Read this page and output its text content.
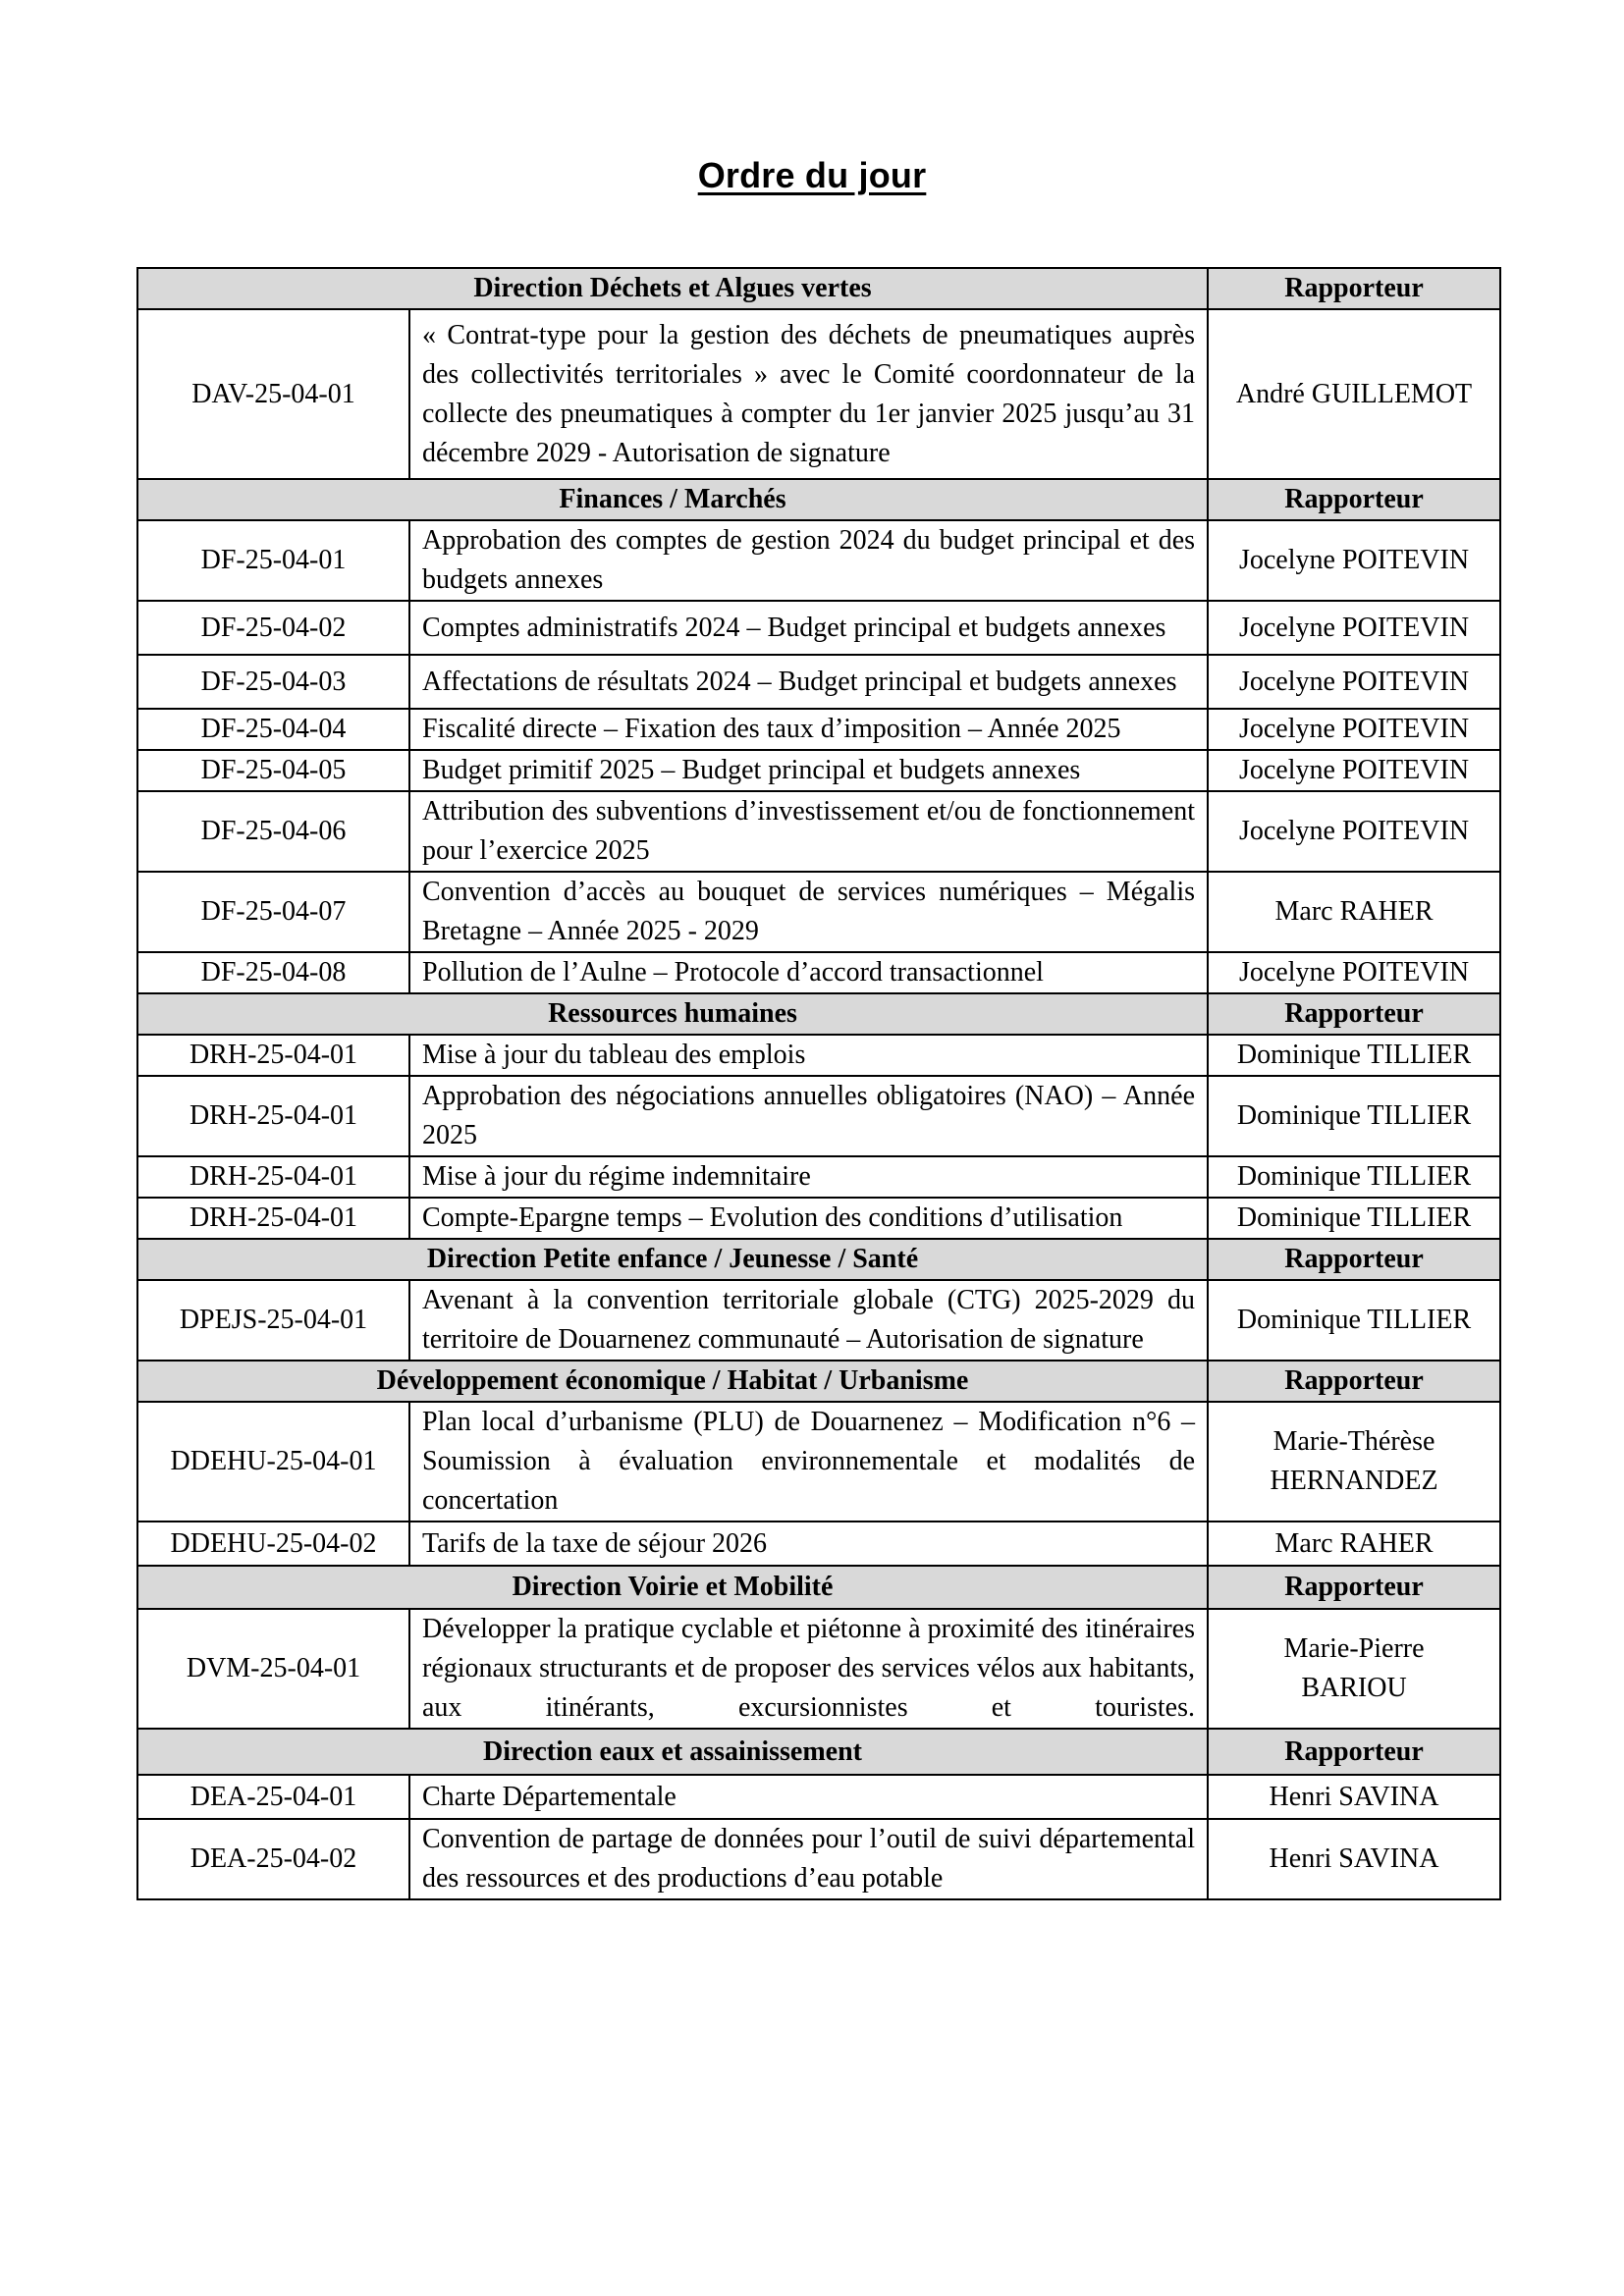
Ordre du jour
Direction Déchets et Algues vertes		Rapporteur
DAV-25-04-01	« Contrat-type pour la gestion des déchets de pneumatiques auprès des collectivités territoriales » avec le Comité coordonnateur de la collecte des pneumatiques à compter du 1er janvier 2025 jusqu’au 31 décembre 2029 - Autorisation de signature	André GUILLEMOT

Finances / Marchés		Rapporteur
DF-25-04-01	Approbation des comptes de gestion 2024 du budget principal et des budgets annexes	Jocelyne POITEVIN

DF-25-04-02	Comptes administratifs 2024 – Budget principal et budgets annexes	Jocelyne POITEVIN

DF-25-04-03	Affectations de résultats 2024 – Budget principal et budgets annexes	Jocelyne POITEVIN

DF-25-04-04	Fiscalité directe – Fixation des taux d’imposition – Année 2025	Jocelyne POITEVIN

DF-25-04-05	Budget primitif 2025 – Budget principal et budgets annexes	Jocelyne POITEVIN

DF-25-04-06	Attribution des subventions d’investissement et/ou de fonctionnement pour l’exercice 2025	Jocelyne POITEVIN

DF-25-04-07	Convention d’accès au bouquet de services numériques – Mégalis Bretagne – Année 2025 - 2029	Marc RAHER

DF-25-04-08	Pollution de l’Aulne – Protocole d’accord transactionnel	Jocelyne POITEVIN

Ressources humaines		Rapporteur
DRH-25-04-01	Mise à jour du tableau des emplois	Dominique TILLIER

DRH-25-04-01	Approbation des négociations annuelles obligatoires (NAO) – Année 2025	Dominique TILLIER

DRH-25-04-01	Mise à jour du régime indemnitaire	Dominique TILLIER

DRH-25-04-01	Compte-Epargne temps – Evolution des conditions d’utilisation	Dominique TILLIER

Direction Petite enfance / Jeunesse / Santé		Rapporteur
DPEJS-25-04-01	Avenant à la convention territoriale globale (CTG) 2025-2029 du territoire de Douarnenez communauté – Autorisation de signature	Dominique TILLIER

Développement économique / Habitat / Urbanisme		Rapporteur
DDEHU-25-04-01	Plan local d’urbanisme (PLU) de Douarnenez – Modification n°6 – Soumission à évaluation environnementale et modalités de concertation	Marie-Thérèse
HERNANDEZ

DDEHU-25-04-02	Tarifs de la taxe de séjour 2026	Marc RAHER

Direction Voirie et Mobilité		Rapporteur
DVM-25-04-01	Développer la pratique cyclable et piétonne à proximité des itinéraires régionaux structurants et de proposer des services vélos aux habitants, aux itinérants, excursionnistes et touristes.	Marie-Pierre
BARIOU

Direction eaux et assainissement		Rapporteur
DEA-25-04-01	Charte Départementale	Henri SAVINA

DEA-25-04-02	Convention de partage de données pour l’outil de suivi départemental des ressources et des productions d’eau potable	Henri SAVINA
